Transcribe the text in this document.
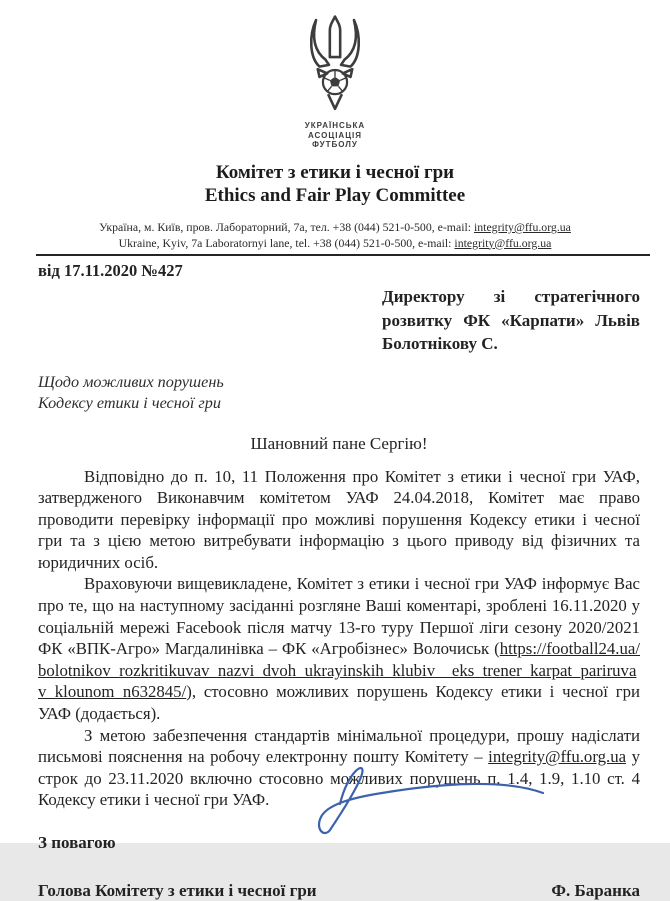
УКРАЇНСЬКА
АСОЦІАЦІЯ
ФУТБОЛУ
Комітет з етики і чесної гри
Ethics and Fair Play Committee
Україна, м. Київ, пров. Лабораторний, 7а, тел. +38 (044) 521-0-500, e-mail: integrity@ffu.org.ua
Ukraine, Kyiv, 7a Laboratornyi lane, tel. +38 (044) 521-0-500, e-mail: integrity@ffu.org.ua
від 17.11.2020 №427
Директору зі стратегічного
розвитку ФК «Карпати» Львів
Болотнікову С.
Щодо можливих порушень
Кодексу етики і чесної гри
Шановний пане Сергію!

Відповідно до п. 10, 11 Положення про Комітет з етики і чесної гри УАФ, затвердженого Виконавчим комітетом УАФ 24.04.2018, Комітет має право проводити перевірку інформації про можливі порушення Кодексу етики і чесної гри та з цією метою витребувати інформацію з цього приводу від фізичних та юридичних осіб.

Враховуючи вищевикладене, Комітет з етики і чесної гри УАФ інформує Вас про те, що на наступному засіданні розгляне Ваші коментарі, зроблені 16.11.2020 у соціальній мережі Facebook після матчу 13-го туру Першої ліги сезону 2020/2021 ФК «ВПК-Агро» Магдалинівка – ФК «Агробізнес» Волочиськ (https://football24.ua/bolotnikov_rozkritikuvav_nazvi_dvoh_ukrayinskih_klubiv__eks_trener_karpat_pariruvav_klounom_n632845/), стосовно можливих порушень Кодексу етики і чесної гри УАФ (додається).

З метою забезпечення стандартів мінімальної процедури, прошу надіслати письмові пояснення на робочу електронну пошту Комітету – integrity@ffu.org.ua у строк до 23.11.2020 включно стосовно можливих порушень п. 1.4, 1.9, 1.10 ст. 4 Кодексу етики і чесної гри УАФ.

З повагою
Голова Комітету з етики і чесної гри	Ф. Баранка
